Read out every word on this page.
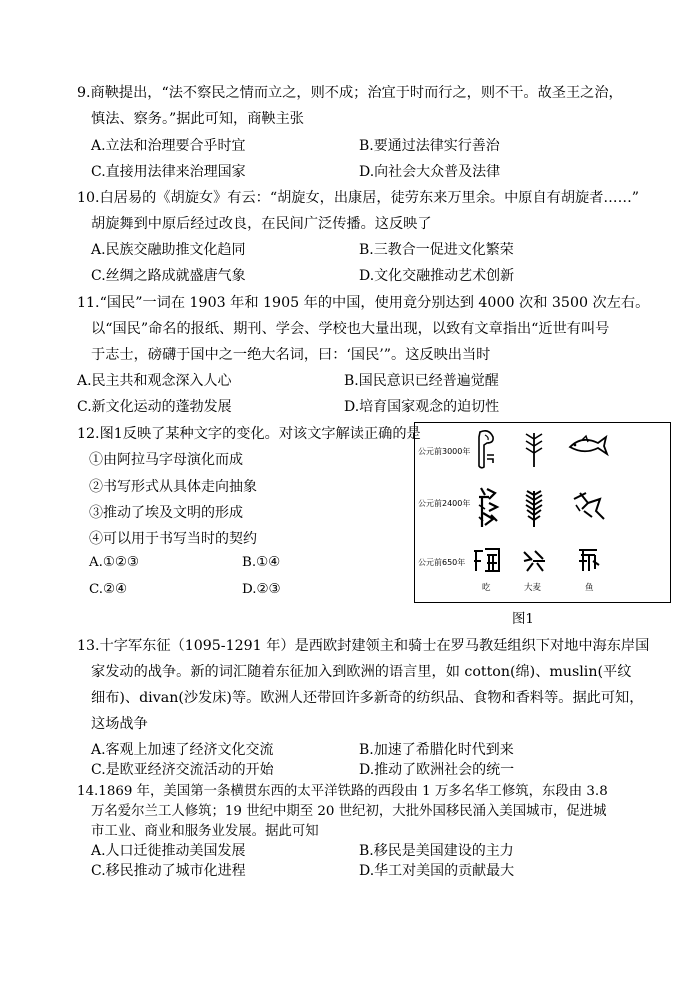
9.商鞅提出，“法不察民之情而立之，则不成；治宜于时而行之，则不干。故圣王之治，
慎法、察务。”据此可知，商鞅主张
A.立法和治理要合乎时宜	B.要通过法律实行善治
C.直接用法律来治理国家	D.向社会大众普及法律
10.白居易的《胡旋女》有云：“胡旋女，出康居，徒劳东来万里余。中原自有胡旋者……”
胡旋舞到中原后经过改良，在民间广泛传播。这反映了
A.民族交融助推文化趋同	B.三教合一促进文化繁荣
C.丝绸之路成就盛唐气象	D.文化交融推动艺术创新
11.“国民”一词在 1903 年和 1905 年的中国，使用竟分别达到 4000 次和 3500 次左右。
以“国民”命名的报纸、期刊、学会、学校也大量出现，以致有文章指出“近世有叫号
于志士，磅礴于国中之一绝大名词，曰：‘国民’”。这反映出当时
A.民主共和观念深入人心	B.国民意识已经普遍觉醒
C.新文化运动的蓬勃发展	D.培育国家观念的迫切性
12.图1反映了某种文字的变化。对该文字解读正确的是
①由阿拉马字母演化而成
②书写形式从具体走向抽象
③推动了埃及文明的形成
④可以用于书写当时的契约
A.①②③	B.①④
C.②④	D.②③
公元前3000年
公元前2400年
公元前650年
吃	大麦	鱼
图1
13.十字军东征（1095-1291 年）是西欧封建领主和骑士在罗马教廷组织下对地中海东岸国
家发动的战争。新的词汇随着东征加入到欧洲的语言里，如 cotton(绵)、muslin(平纹
细布)、divan(沙发床)等。欧洲人还带回许多新奇的纺织品、食物和香料等。据此可知，
这场战争
A.客观上加速了经济文化交流	B.加速了希腊化时代到来
C.是欧亚经济交流活动的开始	D.推动了欧洲社会的统一
14.1869 年，美国第一条横贯东西的太平洋铁路的西段由 1 万多名华工修筑，东段由 3.8
万名爱尔兰工人修筑；19 世纪中期至 20 世纪初，大批外国移民涌入美国城市，促进城
市工业、商业和服务业发展。据此可知
A.人口迁徙推动美国发展	B.移民是美国建设的主力
C.移民推动了城市化进程	D.华工对美国的贡献最大
